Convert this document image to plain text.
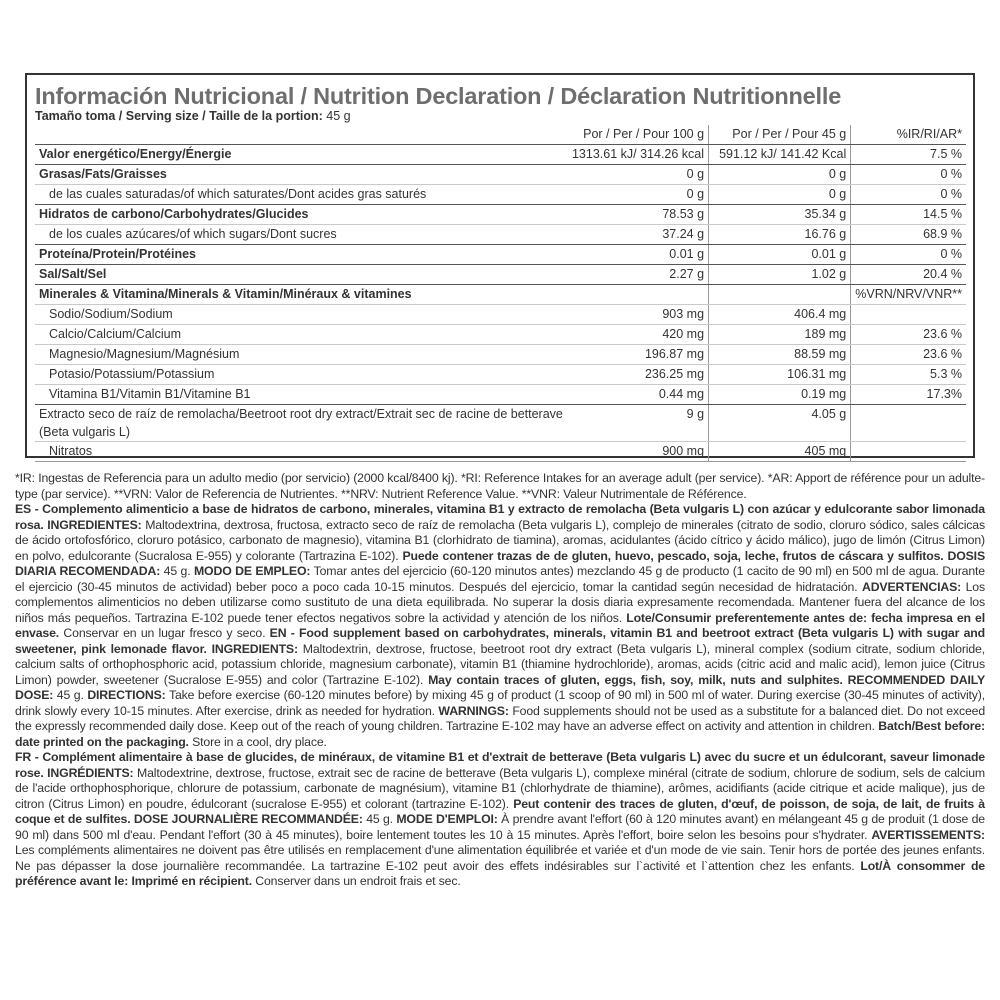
Información Nutricional / Nutrition Declaration / Déclaration Nutritionnelle
Tamaño toma / Serving size / Taille de la portion: 45 g
	Por / Per / Pour 100 g	Por / Per / Pour 45 g	%IR/RI/AR*
Valor energético/Energy/Énergie	1313.61 kJ/ 314.26 kcal	591.12 kJ/ 141.42 Kcal	7.5 %
Grasas/Fats/Graisses	0 g	0 g	0 %
de las cuales saturadas/of which saturates/Dont acides gras saturés	0 g	0 g	0 %
Hidratos de carbono/Carbohydrates/Glucides	78.53 g	35.34 g	14.5 %
de los cuales azúcares/of which sugars/Dont sucres	37.24 g	16.76 g	68.9 %
Proteína/Protein/Protéines	0.01 g	0.01 g	0 %
Sal/Salt/Sel	2.27 g	1.02 g	20.4 %
Minerales & Vitamina/Minerals & Vitamin/Minéraux & vitamines			%VRN/NRV/VNR**
Sodio/Sodium/Sodium	903 mg	406.4 mg	
Calcio/Calcium/Calcium	420 mg	189 mg	23.6 %
Magnesio/Magnesium/Magnésium	196.87 mg	88.59 mg	23.6 %
Potasio/Potassium/Potassium	236.25 mg	106.31 mg	5.3 %
Vitamina B1/Vitamin B1/Vitamine B1	0.44 mg	0.19 mg	17.3%

Extracto seco de raíz de remolacha/Beetroot root dry extract/Extrait sec de racine de betterave
(Beta vulgaris L)	9 g	4.05 g	
Nitratos	900 mg	405 mg	

*IR: Ingestas de Referencia para un adulto medio (por servicio) (2000 kcal/8400 kj). *RI: Reference Intakes for an average adult (per service). *AR: Apport de référence pour un adulte-type (par service). **VRN: Valor de Referencia de Nutrientes. **NRV: Nutrient Reference Value. **VNR: Valeur Nutrimentale de Référence.
ES - Complemento alimenticio a base de hidratos de carbono, minerales, vitamina B1 y extracto de remolacha (Beta vulgaris L) con azúcar y edulcorante sabor limonada rosa. INGREDIENTES: Maltodextrina, dextrosa, fructosa, extracto seco de raíz de remolacha (Beta vulgaris L), complejo de minerales (citrato de sodio, cloruro sódico, sales cálcicas de ácido ortofosfórico, cloruro potásico, carbonato de magnesio), vitamina B1 (clorhidrato de tiamina), aromas, acidulantes (ácido cítrico y ácido málico), jugo de limón (Citrus Limon) en polvo, edulcorante (Sucralosa E-955) y colorante (Tartrazina E-102). Puede contener trazas de de gluten, huevo, pescado, soja, leche, frutos de cáscara y sulfitos. DOSIS DIARIA RECOMENDADA: 45 g. MODO DE EMPLEO: Tomar antes del ejercicio (60-120 minutos antes) mezclando 45 g de producto (1 cacito de 90 ml) en 500 ml de agua. Durante el ejercicio (30-45 minutos de actividad) beber poco a poco cada 10-15 minutos. Después del ejercicio, tomar la cantidad según necesidad de hidratación. ADVERTENCIAS: Los complementos alimenticios no deben utilizarse como sustituto de una dieta equilibrada. No superar la dosis diaria expresamente recomendada. Mantener fuera del alcance de los niños más pequeños. Tartrazina E-102 puede tener efectos negativos sobre la actividad y atención de los niños. Lote/Consumir preferentemente antes de: fecha impresa en el envase. Conservar en un lugar fresco y seco. EN - Food supplement based on carbohydrates, minerals, vitamin B1 and beetroot extract (Beta vulgaris L) with sugar and sweetener, pink lemonade flavor. INGREDIENTS: Maltodextrin, dextrose, fructose, beetroot root dry extract (Beta vulgaris L), mineral complex (sodium citrate, sodium chloride, calcium salts of orthophosphoric acid, potassium chloride, magnesium carbonate), vitamin B1 (thiamine hydrochloride), aromas, acids (citric acid and malic acid), lemon juice (Citrus Limon) powder, sweetener (Sucralose E-955) and color (Tartrazine E-102). May contain traces of gluten, eggs, fish, soy, milk, nuts and sulphites. RECOMMENDED DAILY DOSE: 45 g. DIRECTIONS: Take before exercise (60-120 minutes before) by mixing 45 g of product (1 scoop of 90 ml) in 500 ml of water. During exercise (30-45 minutes of activity), drink slowly every 10-15 minutes. After exercise, drink as needed for hydration. WARNINGS: Food supplements should not be used as a substitute for a balanced diet. Do not exceed the expressly recommended daily dose. Keep out of the reach of young children. Tartrazine E-102 may have an adverse effect on activity and attention in children. Batch/Best before: date printed on the packaging. Store in a cool, dry place.
FR - Complément alimentaire à base de glucides, de minéraux, de vitamine B1 et d'extrait de betterave (Beta vulgaris L) avec du sucre et un édulcorant, saveur limonade rose. INGRÉDIENTS: Maltodextrine, dextrose, fructose, extrait sec de racine de betterave (Beta vulgaris L), complexe minéral (citrate de sodium, chlorure de sodium, sels de calcium de l'acide orthophosphorique, chlorure de potassium, carbonate de magnésium), vitamine B1 (chlorhydrate de thiamine), arômes, acidifiants (acide citrique et acide malique), jus de citron (Citrus Limon) en poudre, édulcorant (sucralose E-955) et colorant (tartrazine E-102). Peut contenir des traces de gluten, d'œuf, de poisson, de soja, de lait, de fruits à coque et de sulfites. DOSE JOURNALIÈRE RECOMMANDÉE: 45 g. MODE D'EMPLOI: À prendre avant l'effort (60 à 120 minutes avant) en mélangeant 45 g de produit (1 dose de 90 ml) dans 500 ml d'eau. Pendant l'effort (30 à 45 minutes), boire lentement toutes les 10 à 15 minutes. Après l'effort, boire selon les besoins pour s'hydrater. AVERTISSEMENTS: Les compléments alimentaires ne doivent pas être utilisés en remplacement d'une alimentation équilibrée et variée et d'un mode de vie sain. Tenir hors de portée des jeunes enfants. Ne pas dépasser la dose journalière recommandée. La tartrazine E-102 peut avoir des effets indésirables sur l`activité et l`attention chez les enfants. Lot/À consommer de préférence avant le: Imprimé en récipient. Conserver dans un endroit frais et sec.
